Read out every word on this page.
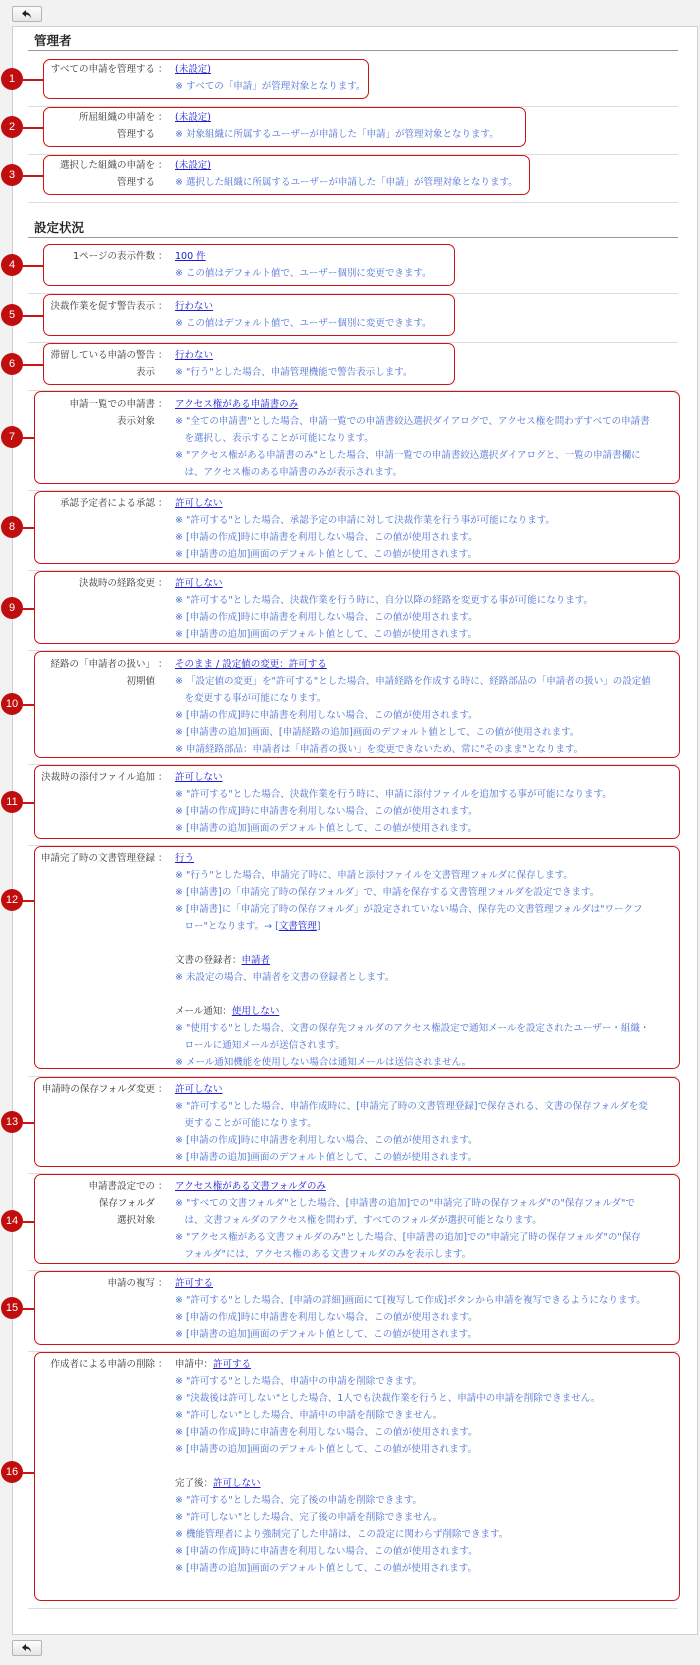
管理者
1
すべての申請を管理する ： (未設定)
※ すべての「申請」が管理対象となります。
2
所屈組織の申請を
管理する
： (未設定)
※ 対象組織に所属するユーザーが申請した「申請」が管理対象となります。
3
選択した組織の申請を
管理する
： (未設定)
※ 選択した組織に所属するユーザーが申請した「申請」が管理対象となります。
設定状況
4
1ページの表示件数 ： 100 件
※ この値はデフォルト値で、ユーザー個別に変更できます。
5
決裁作業を促す警告表示 ： 行わない
※ この値はデフォルト値で、ユーザー個別に変更できます。
6
滞留している申請の警告
表示
： 行わない
※ "行う"とした場合、申請管理機能で警告表示します。
7
申請一覧での申請書
表示対象
： アクセス権がある申請書のみ
※ "全ての申請書"とした場合、申請一覧での申請書絞込選択ダイアログで、アクセス権を問わずすべての申請書
　を選択し、表示することが可能になります。
※ "アクセス権がある申請書のみ"とした場合、申請一覧での申請書絞込選択ダイアログと、一覧の申請書欄に
　は、アクセス権のある申請書のみが表示されます。
8
承認予定者による承認 ： 許可しない
※ "許可する"とした場合、承認予定の申請に対して決裁作業を行う事が可能になります。
※ [申請の作成]時に申請書を利用しない場合、この値が使用されます。
※ [申請書の追加]画面のデフォルト値として、この値が使用されます。
9
決裁時の経路変更 ： 許可しない
※ "許可する"とした場合、決裁作業を行う時に、自分以降の経路を変更する事が可能になります。
※ [申請の作成]時に申請書を利用しない場合、この値が使用されます。
※ [申請書の追加]画面のデフォルト値として、この値が使用されます。
10
経路の「申請者の扱い」
初期値
： そのまま / 設定値の変更：許可する
※ 「設定値の変更」を"許可する"とした場合、申請経路を作成する時に、経路部品の「申請者の扱い」の設定値
　を変更する事が可能になります。
※ [申請の作成]時に申請書を利用しない場合、この値が使用されます。
※ [申請書の追加]画面、[申請経路の追加]画面のデフォルト値として、この値が使用されます。
※ 申請経路部品：申請者は「申請者の扱い」を変更できないため、常に"そのまま"となります。
11
決裁時の添付ファイル追加 ： 許可しない
※ "許可する"とした場合、決裁作業を行う時に、申請に添付ファイルを追加する事が可能になります。
※ [申請の作成]時に申請書を利用しない場合、この値が使用されます。
※ [申請書の追加]画面のデフォルト値として、この値が使用されます。
12
申請完了時の文書管理登録 ： 行う
※ "行う"とした場合、申請完了時に、申請と添付ファイルを文書管理フォルダに保存します。
※ [申請書]の「申請完了時の保存フォルダ」で、申請を保存する文書管理フォルダを設定できます。
※ [申請書]に「申請完了時の保存フォルダ」が設定されていない場合、保存先の文書管理フォルダは"ワークフ
　ロー"となります。→ [文書管理]
文書の登録者：申請者
※ 未設定の場合、申請者を文書の登録者とします。
メール通知：使用しない
※ "使用する"とした場合、文書の保存先フォルダのアクセス権設定で通知メールを設定されたユーザー・組織・
　ロールに通知メールが送信されます。
※ メール通知機能を使用しない場合は通知メールは送信されません。
13
申請時の保存フォルダ変更 ： 許可しない
※ "許可する"とした場合、申請作成時に、[申請完了時の文書管理登録]で保存される、文書の保存フォルダを変
　更することが可能になります。
※ [申請の作成]時に申請書を利用しない場合、この値が使用されます。
※ [申請書の追加]画面のデフォルト値として、この値が使用されます。
14
申請書設定での
保存フォルダ
選択対象
： アクセス権がある文書フォルダのみ
※ "すべての文書フォルダ"とした場合、[申請書の追加]での"申請完了時の保存フォルダ"の"保存フォルダ"で
　は、文書フォルダのアクセス権を問わず、すべてのフォルダが選択可能となります。
※ "アクセス権がある文書フォルダのみ"とした場合、[申請書の追加]での"申請完了時の保存フォルダ"の"保存
　フォルダ"には、アクセス権のある文書フォルダのみを表示します。
15
申請の複写 ： 許可する
※ "許可する"とした場合、[申請の詳細]画面にて[複写して作成]ボタンから申請を複写できるようになります。
※ [申請の作成]時に申請書を利用しない場合、この値が使用されます。
※ [申請書の追加]画面のデフォルト値として、この値が使用されます。
16
作成者による申請の削除 ： 申請中：許可する
※ "許可する"とした場合、申請中の申請を削除できます。
※ "決裁後は許可しない"とした場合、1人でも決裁作業を行うと、申請中の申請を削除できません。
※ "許可しない"とした場合、申請中の申請を削除できません。
※ [申請の作成]時に申請書を利用しない場合、この値が使用されます。
※ [申請書の追加]画面のデフォルト値として、この値が使用されます。
完了後：許可しない
※ "許可する"とした場合、完了後の申請を削除できます。
※ "許可しない"とした場合、完了後の申請を削除できません。
※ 機能管理者により強制完了した申請は、この設定に関わらず削除できます。
※ [申請の作成]時に申請書を利用しない場合、この値が使用されます。
※ [申請書の追加]画面のデフォルト値として、この値が使用されます。
